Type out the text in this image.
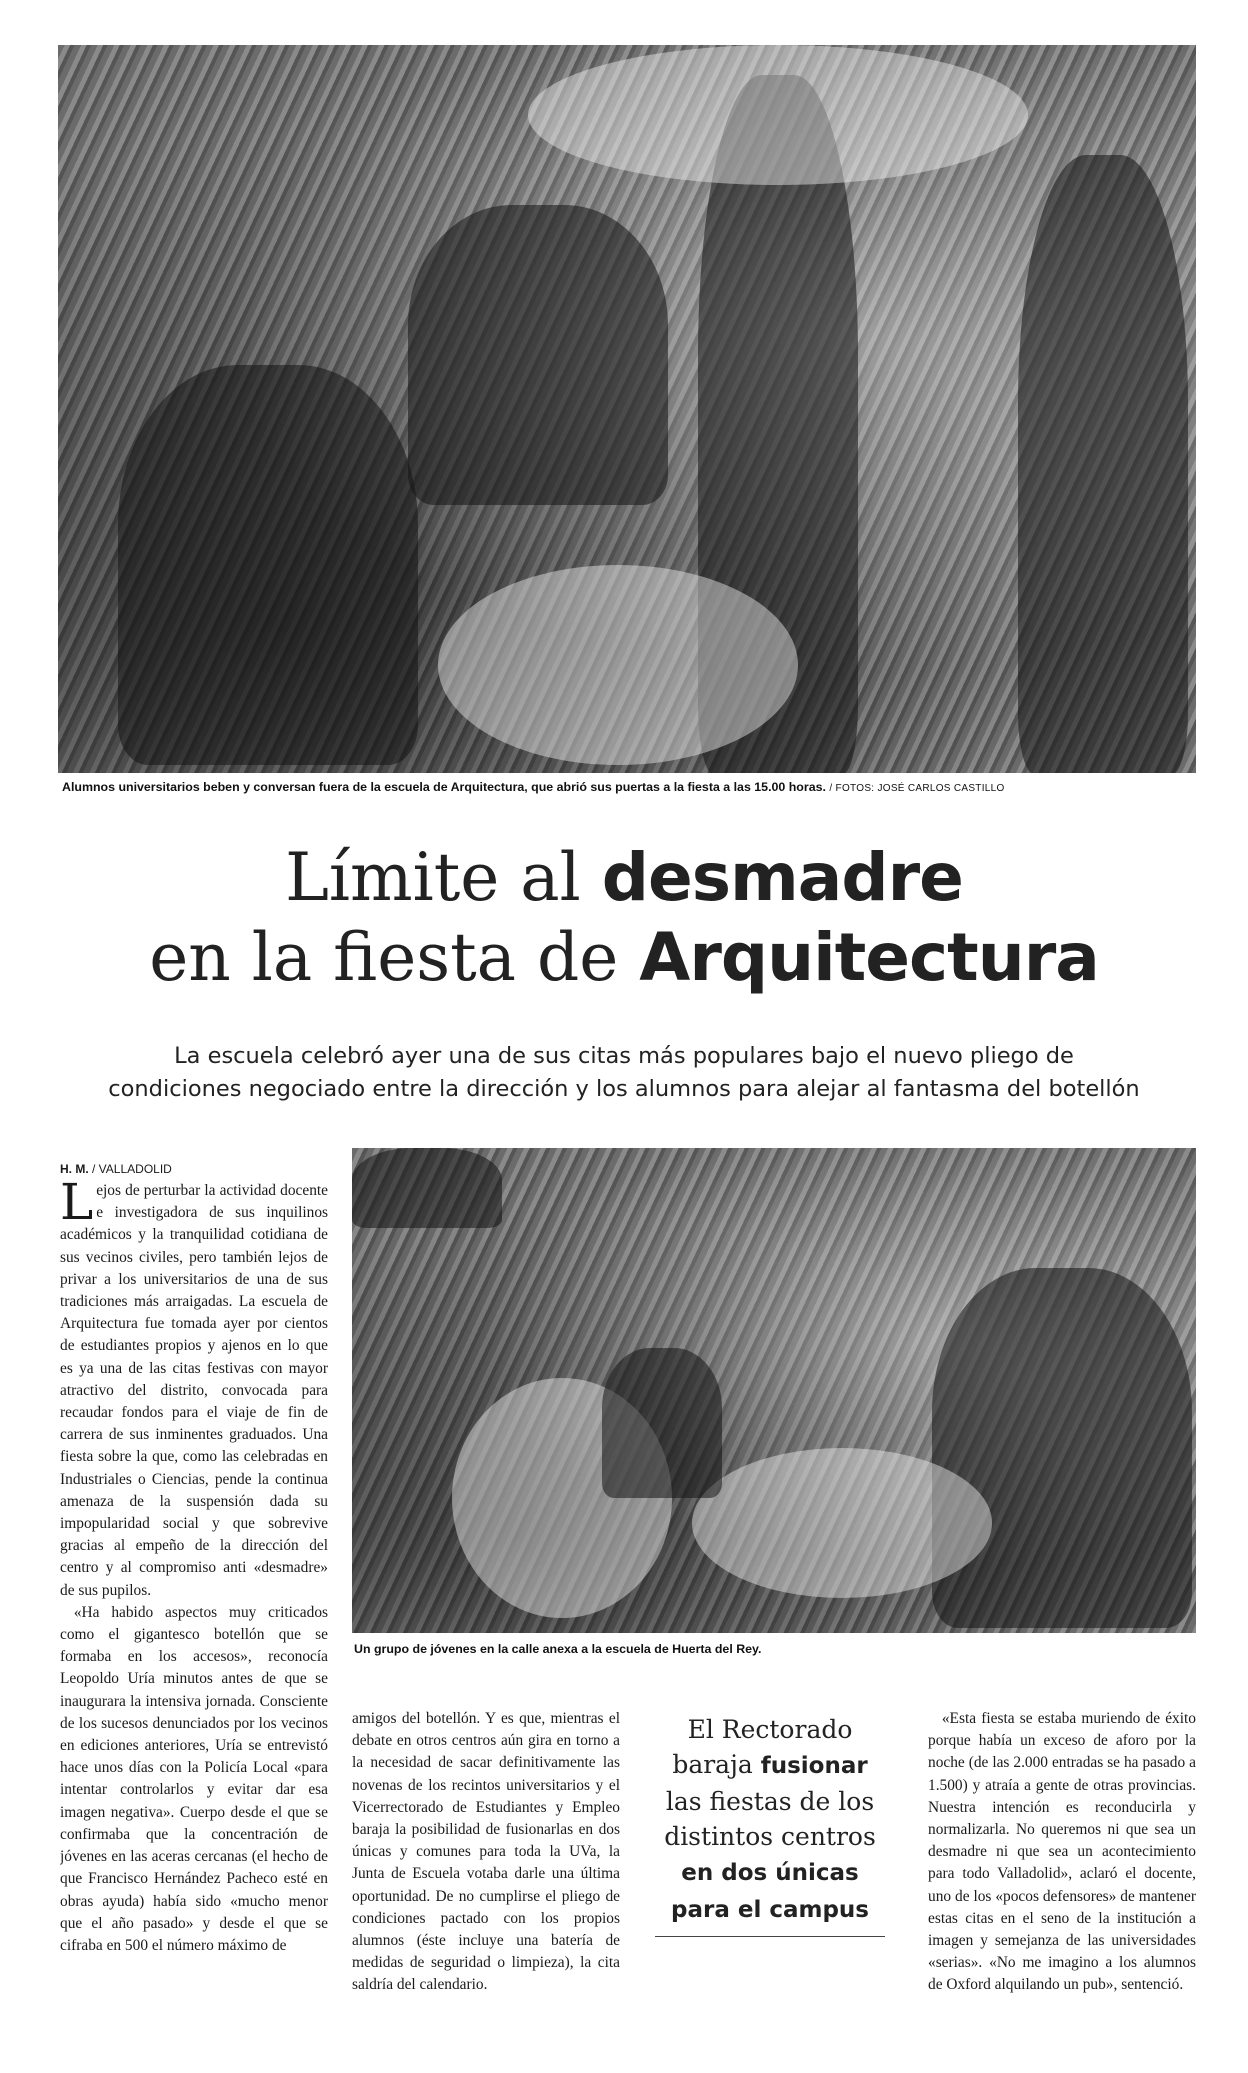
Alumnos universitarios beben y conversan fuera de la escuela de Arquitectura, que abrió sus puertas a la fiesta a las 15.00 horas. / FOTOS: JOSÉ CARLOS CASTILLO
Límite al desmadre
en la fiesta de Arquitectura
La escuela celebró ayer una de sus citas más populares bajo el nuevo pliego de
condiciones negociado entre la dirección y los alumnos para alejar al fantasma del botellón
H. M. / VALLADOLID

Lejos de perturbar la actividad docente e investigadora de sus inquilinos académicos y la tranquilidad cotidiana de sus vecinos civiles, pero también lejos de privar a los universitarios de una de sus tradiciones más arraigadas. La escuela de Arquitectura fue tomada ayer por cientos de estudiantes propios y ajenos en lo que es ya una de las citas festivas con mayor atractivo del distrito, convocada para recaudar fondos para el viaje de fin de carrera de sus inminentes graduados. Una fiesta sobre la que, como las celebradas en Industriales o Ciencias, pende la continua amenaza de la suspensión dada su impopularidad social y que sobrevive gracias al empeño de la dirección del centro y al compromiso anti «desmadre» de sus pupilos.

«Ha habido aspectos muy criticados como el gigantesco botellón que se formaba en los accesos», reconocía Leopoldo Uría minutos antes de que se inaugurara la intensiva jornada. Consciente de los sucesos denunciados por los vecinos en ediciones anteriores, Uría se entrevistó hace unos días con la Policía Local «para intentar controlarlos y evitar dar esa imagen negativa». Cuerpo desde el que se confirmaba que la concentración de jóvenes en las aceras cercanas (el hecho de que Francisco Hernández Pacheco esté en obras ayuda) había sido «mucho menor que el año pasado» y desde el que se cifraba en 500 el número máximo de

Un grupo de jóvenes en la calle anexa a la escuela de Huerta del Rey.

amigos del botellón. Y es que, mientras el debate en otros centros aún gira en torno a la necesidad de sacar definitivamente las novenas de los recintos universitarios y el Vicerrectorado de Estudiantes y Empleo baraja la posibilidad de fusionarlas en dos únicas y comunes para toda la UVa, la Junta de Escuela votaba darle una última oportunidad. De no cumplirse el pliego de condiciones pactado con los propios alumnos (éste incluye una batería de medidas de seguridad o limpieza), la cita saldría del calendario.

El Rectorado baraja fusionar las fiestas de los distintos centros en dos únicas para el campus

«Esta fiesta se estaba muriendo de éxito porque había un exceso de aforo por la noche (de las 2.000 entradas se ha pasado a 1.500) y atraía a gente de otras provincias. Nuestra intención es reconducirla y normalizarla. No queremos ni que sea un desmadre ni que sea un acontecimiento para todo Valladolid», aclaró el docente, uno de los «pocos defensores» de mantener estas citas en el seno de la institución a imagen y semejanza de las universidades «serias». «No me imagino a los alumnos de Oxford alquilando un pub», sentenció.
